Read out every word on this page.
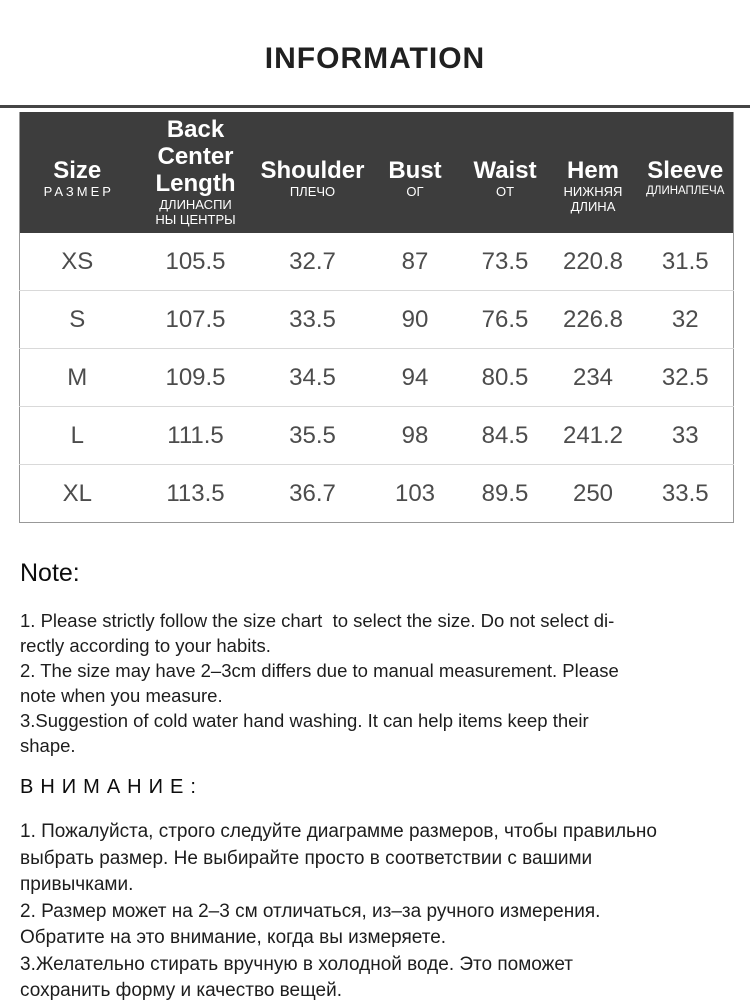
INFORMATION
Size
РАЗМЕР

Back Center
Length
ДЛИНАСПИ
НЫ ЦЕНТРЫ

Shoulder
ПЛЕЧО

Bust
ОГ

Waist
ОТ

Hem
НИЖНЯЯ
ДЛИНА

Sleeve
ДЛИНАПЛЕЧА

XS	105.5	32.7	87	73.5	220.8	31.5
S	107.5	33.5	90	76.5	226.8	32
M	109.5	34.5	94	80.5	234	32.5
L	111.5	35.5	98	84.5	241.2	33
XL	113.5	36.7	103	89.5	250	33.5
Note:
1. Please strictly follow the size chart  to select the size. Do not select di-
rectly according to your habits.
2. The size may have 2–3cm differs due to manual measurement. Please
note when you measure.
3.Suggestion of cold water hand washing. It can help items keep their
shape.
ВНИМАНИЕ:
1. Пожалуйста, строго следуйте диаграмме размеров, чтобы правильно
выбрать размер. Не выбирайте просто в соответствии с вашими
привычками.
2. Размер может на 2–3 см отличаться, из–за ручного измерения.
Обратите на это внимание, когда вы измеряете.
3.Желательно стирать вручную в холодной воде. Это поможет
сохранить форму и качество вещей.
